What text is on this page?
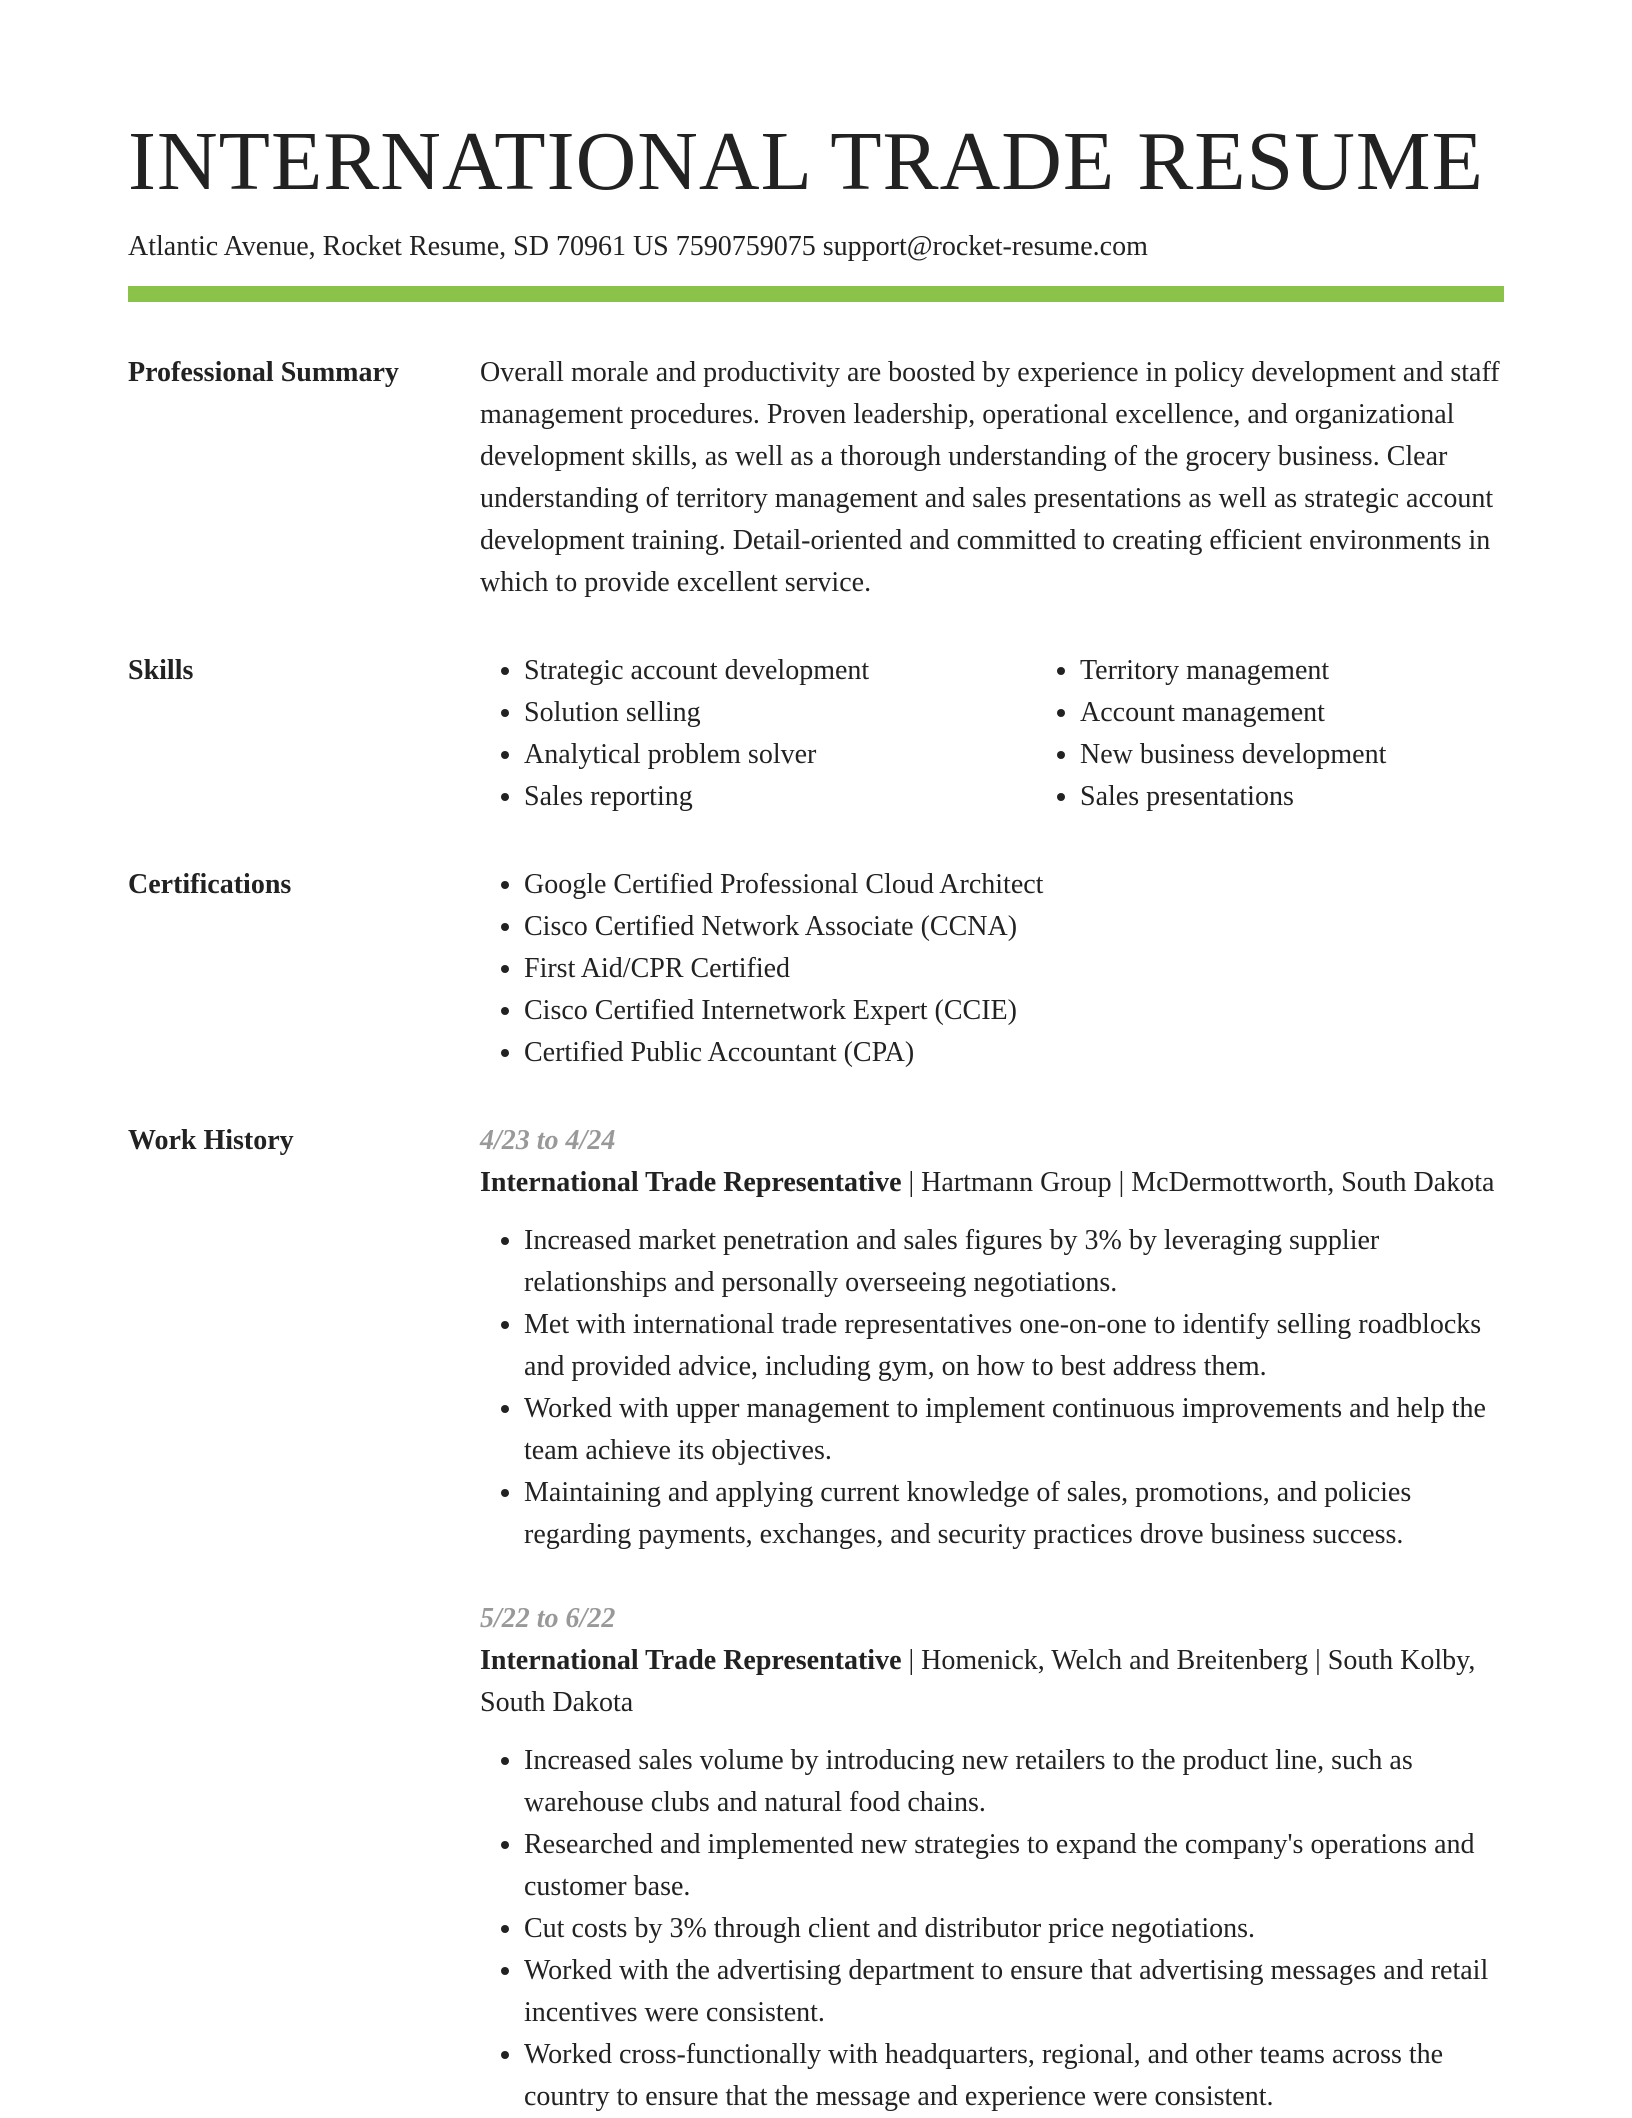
INTERNATIONAL TRADE RESUME
Atlantic Avenue, Rocket Resume, SD 70961 US 7590759075 support@rocket-resume.com
Professional Summary	Overall morale and productivity are boosted by experience in policy development and staff management procedures. Proven leadership, operational excellence, and organizational development skills, as well as a thorough understanding of the grocery business. Clear understanding of territory management and sales presentations as well as strategic account development training. Detail-oriented and committed to creating efficient environments in which to provide excellent service.

Skills	• Strategic account development
• Solution selling
• Analytical problem solver
• Sales reporting
• Territory management
• Account management
• New business development
• Sales presentations
Certifications	• Google Certified Professional Cloud Architect
• Cisco Certified Network Associate (CCNA)
• First Aid/CPR Certified
• Cisco Certified Internetwork Expert (CCIE)
• Certified Public Accountant (CPA)
Work History	4/23 to 4/24
International Trade Representative | Hartmann Group | McDermottworth, South Dakota
• Increased market penetration and sales figures by 3% by leveraging supplier relationships and personally overseeing negotiations.
• Met with international trade representatives one-on-one to identify selling roadblocks and provided advice, including gym, on how to best address them.
• Worked with upper management to implement continuous improvements and help the team achieve its objectives.
• Maintaining and applying current knowledge of sales, promotions, and policies regarding payments, exchanges, and security practices drove business success.
5/22 to 6/22
International Trade Representative | Homenick, Welch and Breitenberg | South Kolby, South Dakota
• Increased sales volume by introducing new retailers to the product line, such as warehouse clubs and natural food chains.
• Researched and implemented new strategies to expand the company's operations and customer base.
• Cut costs by 3% through client and distributor price negotiations.
• Worked with the advertising department to ensure that advertising messages and retail incentives were consistent.
• Worked cross-functionally with headquarters, regional, and other teams across the country to ensure that the message and experience were consistent.
